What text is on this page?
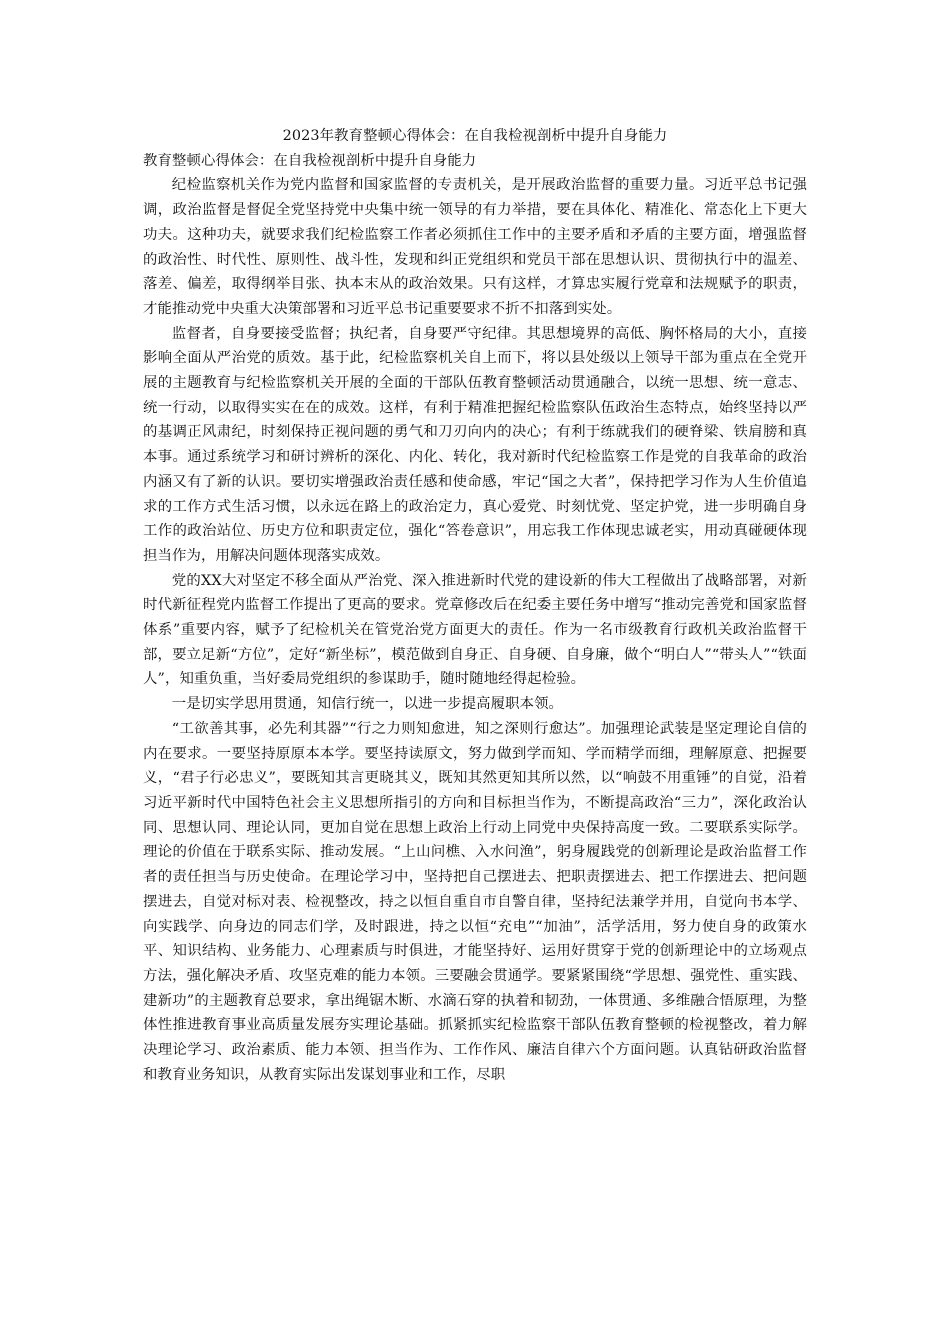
2023年教育整顿心得体会：在自我检视剖析中提升自身能力

教育整顿心得体会：在自我检视剖析中提升自身能力

纪检监察机关作为党内监督和国家监督的专责机关，是开展政治监督的重要力量。习近平总书记强调，政治监督是督促全党坚持党中央集中统一领导的有力举措，要在具体化、精准化、常态化上下更大功夫。这种功夫，就要求我们纪检监察工作者必须抓住工作中的主要矛盾和矛盾的主要方面，增强监督的政治性、时代性、原则性、战斗性，发现和纠正党组织和党员干部在思想认识、贯彻执行中的温差、落差、偏差，取得纲举目张、执本末从的政治效果。只有这样，才算忠实履行党章和法规赋予的职责，才能推动党中央重大决策部署和习近平总书记重要要求不折不扣落到实处。

监督者，自身要接受监督；执纪者，自身要严守纪律。其思想境界的高低、胸怀格局的大小，直接影响全面从严治党的质效。基于此，纪检监察机关自上而下，将以县处级以上领导干部为重点在全党开展的主题教育与纪检监察机关开展的全面的干部队伍教育整顿活动贯通融合，以统一思想、统一意志、统一行动，以取得实实在在的成效。这样，有利于精准把握纪检监察队伍政治生态特点，始终坚持以严的基调正风肃纪，时刻保持正视问题的勇气和刀刃向内的决心；有利于练就我们的硬脊梁、铁肩膀和真本事。通过系统学习和研讨辨析的深化、内化、转化，我对新时代纪检监察工作是党的自我革命的政治内涵又有了新的认识。要切实增强政治责任感和使命感，牢记“国之大者”，保持把学习作为人生价值追求的工作方式生活习惯，以永远在路上的政治定力，真心爱党、时刻忧党、坚定护党，进一步明确自身工作的政治站位、历史方位和职责定位，强化“答卷意识”，用忘我工作体现忠诚老实，用动真碰硬体现担当作为，用解决问题体现落实成效。

党的XX大对坚定不移全面从严治党、深入推进新时代党的建设新的伟大工程做出了战略部署，对新时代新征程党内监督工作提出了更高的要求。党章修改后在纪委主要任务中增写“推动完善党和国家监督体系”重要内容，赋予了纪检机关在管党治党方面更大的责任。作为一名市级教育行政机关政治监督干部，要立足新“方位”，定好“新坐标”，模范做到自身正、自身硬、自身廉，做个“明白人”“带头人”“铁面人”，知重负重，当好委局党组织的参谋助手，随时随地经得起检验。

一是切实学思用贯通，知信行统一，以进一步提高履职本领。

“工欲善其事，必先利其器”“行之力则知愈进，知之深则行愈达”。加强理论武装是坚定理论自信的内在要求。一要坚持原原本本学。要坚持读原文，努力做到学而知、学而精学而细，理解原意、把握要义，“君子行必忠义”，要既知其言更晓其义，既知其然更知其所以然，以“响鼓不用重锤”的自觉，沿着习近平新时代中国特色社会主义思想所指引的方向和目标担当作为，不断提高政治“三力”，深化政治认同、思想认同、理论认同，更加自觉在思想上政治上行动上同党中央保持高度一致。二要联系实际学。理论的价值在于联系实际、推动发展。“上山问樵、入水问渔”，躬身履践党的创新理论是政治监督工作者的责任担当与历史使命。在理论学习中，坚持把自己摆进去、把职责摆进去、把工作摆进去、把问题摆进去，自觉对标对表、检视整改，持之以恒自重自市自警自律，坚持纪法兼学并用，自觉向书本学、向实践学、向身边的同志们学，及时跟进，持之以恒“充电”“加油”，活学活用，努力使自身的政策水平、知识结构、业务能力、心理素质与时俱进，才能坚持好、运用好贯穿于党的创新理论中的立场观点方法，强化解决矛盾、攻坚克难的能力本领。三要融会贯通学。要紧紧围绕“学思想、强党性、重实践、建新功”的主题教育总要求，拿出绳锯木断、水滴石穿的执着和韧劲，一体贯通、多维融合悟原理，为整体性推进教育事业高质量发展夯实理论基础。抓紧抓实纪检监察干部队伍教育整顿的检视整改，着力解决理论学习、政治素质、能力本领、担当作为、工作作风、廉洁自律六个方面问题。认真钻研政治监督和教育业务知识，从教育实际出发谋划事业和工作，尽职
